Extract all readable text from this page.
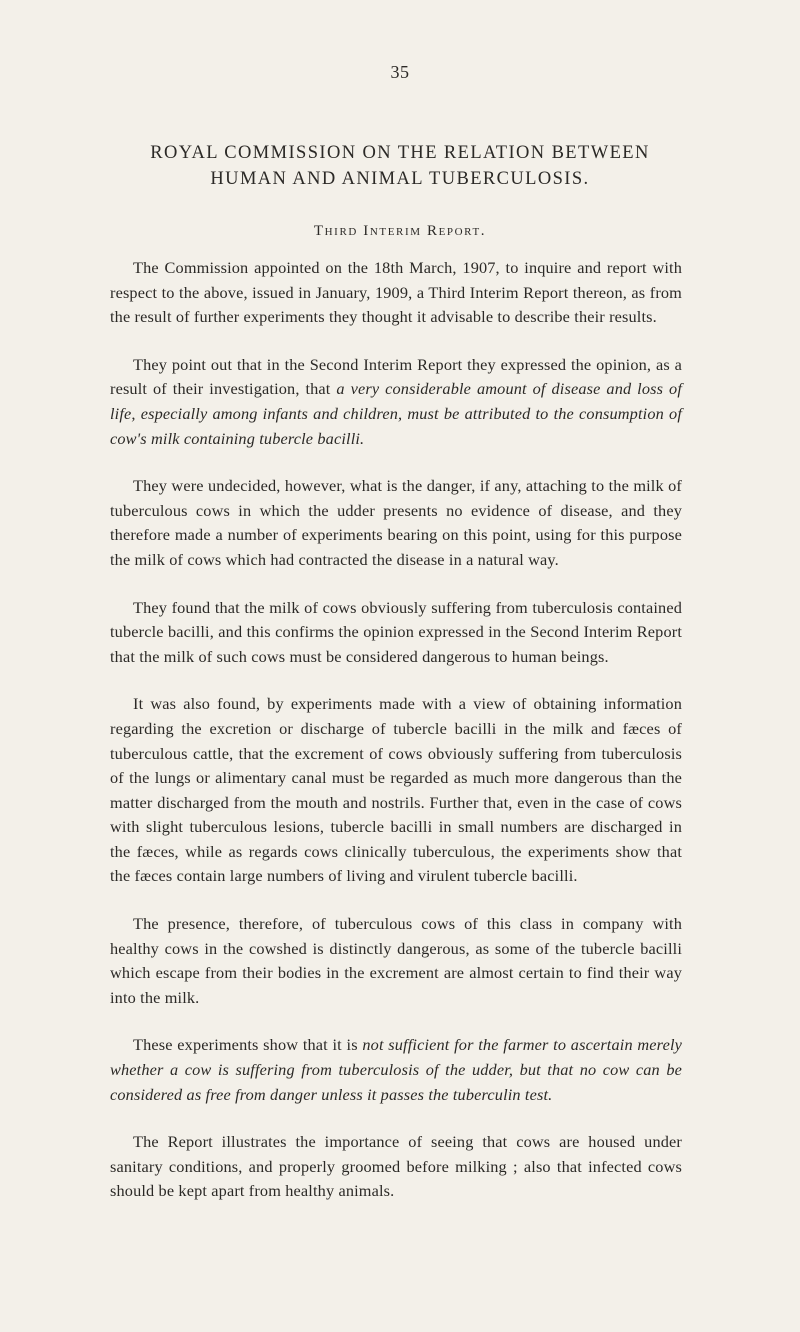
35
ROYAL COMMISSION ON THE RELATION BETWEEN
HUMAN AND ANIMAL TUBERCULOSIS.
Third Interim Report.

The Commission appointed on the 18th March, 1907, to inquire and report with respect to the above, issued in January, 1909, a Third Interim Report thereon, as from the result of further experiments they thought it advisable to describe their results.

They point out that in the Second Interim Report they expressed the opinion, as a result of their investigation, that a very considerable amount of disease and loss of life, especially among infants and children, must be attributed to the consumption of cow's milk containing tubercle bacilli.

They were undecided, however, what is the danger, if any, attaching to the milk of tuberculous cows in which the udder presents no evidence of disease, and they therefore made a number of experiments bearing on this point, using for this purpose the milk of cows which had contracted the disease in a natural way.

They found that the milk of cows obviously suffering from tuberculosis contained tubercle bacilli, and this confirms the opinion expressed in the Second Interim Report that the milk of such cows must be considered dangerous to human beings.

It was also found, by experiments made with a view of obtaining information regarding the excretion or discharge of tubercle bacilli in the milk and fæces of tuberculous cattle, that the excrement of cows obviously suffering from tuberculosis of the lungs or alimentary canal must be regarded as much more dangerous than the matter discharged from the mouth and nostrils. Further that, even in the case of cows with slight tuberculous lesions, tubercle bacilli in small numbers are discharged in the fæces, while as regards cows clinically tuberculous, the experiments show that the fæces contain large numbers of living and virulent tubercle bacilli.

The presence, therefore, of tuberculous cows of this class in company with healthy cows in the cowshed is distinctly dangerous, as some of the tubercle bacilli which escape from their bodies in the excrement are almost certain to find their way into the milk.

These experiments show that it is not sufficient for the farmer to ascertain merely whether a cow is suffering from tuberculosis of the udder, but that no cow can be considered as free from danger unless it passes the tuberculin test.

The Report illustrates the importance of seeing that cows are housed under sanitary conditions, and properly groomed before milking ; also that infected cows should be kept apart from healthy animals.
